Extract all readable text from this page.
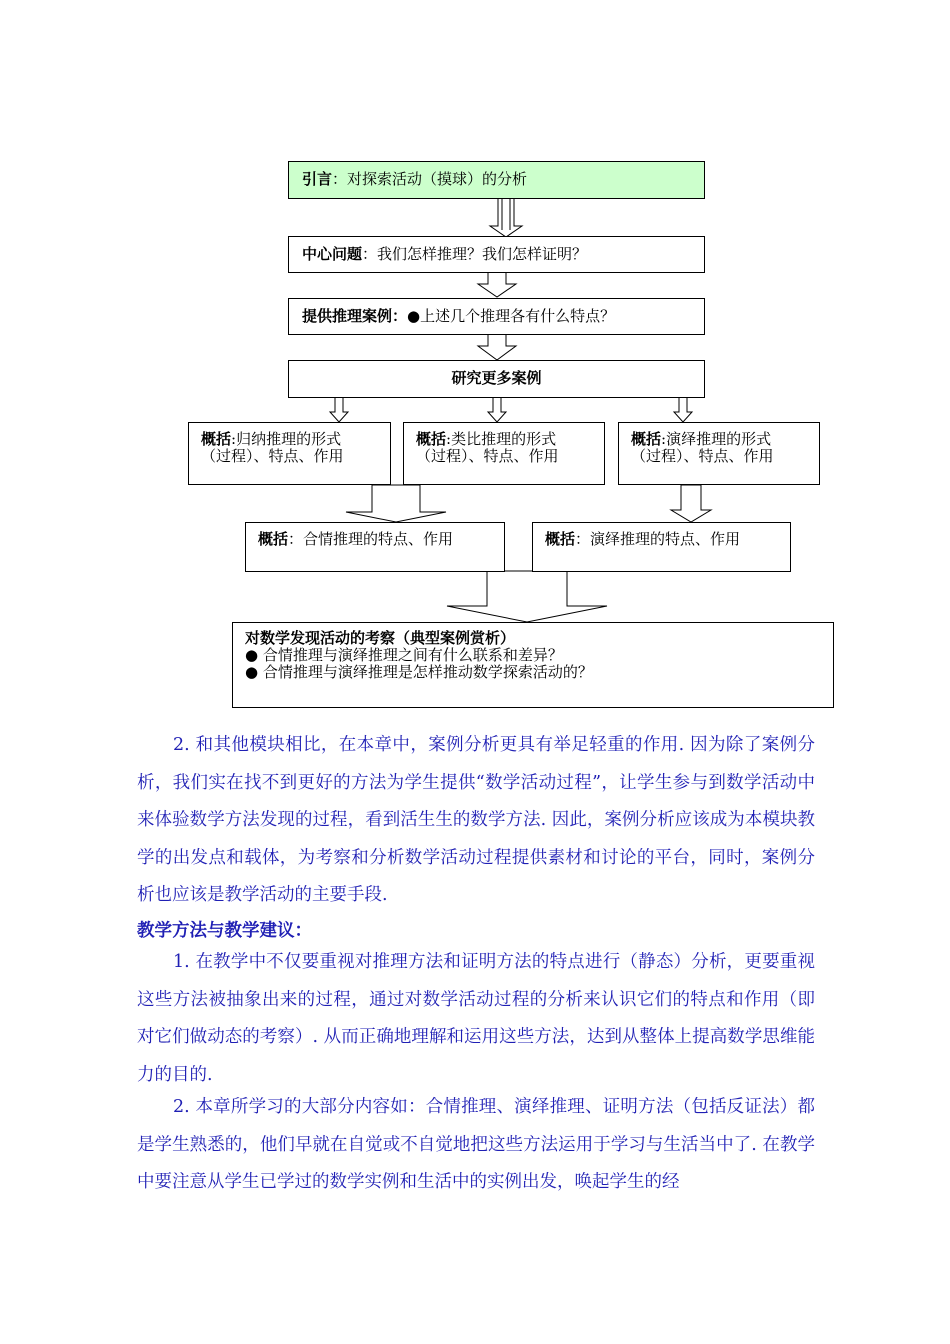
引言：对探索活动（摸球）的分析
中心问题：我们怎样推理？我们怎样证明？
提供推理案例：●上述几个推理各有什么特点？
研究更多案例
概括:归纳推理的形式
（过程）、特点、作用
概括:类比推理的形式
（过程）、特点、作用
概括:演绎推理的形式
（过程）、特点、作用
概括：合情推理的特点、作用	概括：演绎推理的特点、作用
对数学发现活动的考察（典型案例赏析）
● 合情推理与演绎推理之间有什么联系和差异？
● 合情推理与演绎推理是怎样推动数学探索活动的？

2. 和其他模块相比，在本章中，案例分析更具有举足轻重的作用. 因为除了案例分析，我们实在找不到更好的方法为学生提供“数学活动过程”，让学生参与到数学活动中来体验数学方法发现的过程，看到活生生的数学方法. 因此，案例分析应该成为本模块教学的出发点和载体，为考察和分析数学活动过程提供素材和讨论的平台，同时，案例分析也应该是教学活动的主要手段.

教学方法与教学建议：

1. 在教学中不仅要重视对推理方法和证明方法的特点进行（静态）分析，更要重视这些方法被抽象出来的过程，通过对数学活动过程的分析来认识它们的特点和作用（即对它们做动态的考察）. 从而正确地理解和运用这些方法，达到从整体上提高数学思维能力的目的.

2. 本章所学习的大部分内容如：合情推理、演绎推理、证明方法（包括反证法）都是学生熟悉的，他们早就在自觉或不自觉地把这些方法运用于学习与生活当中了. 在教学中要注意从学生已学过的数学实例和生活中的实例出发，唤起学生的经
